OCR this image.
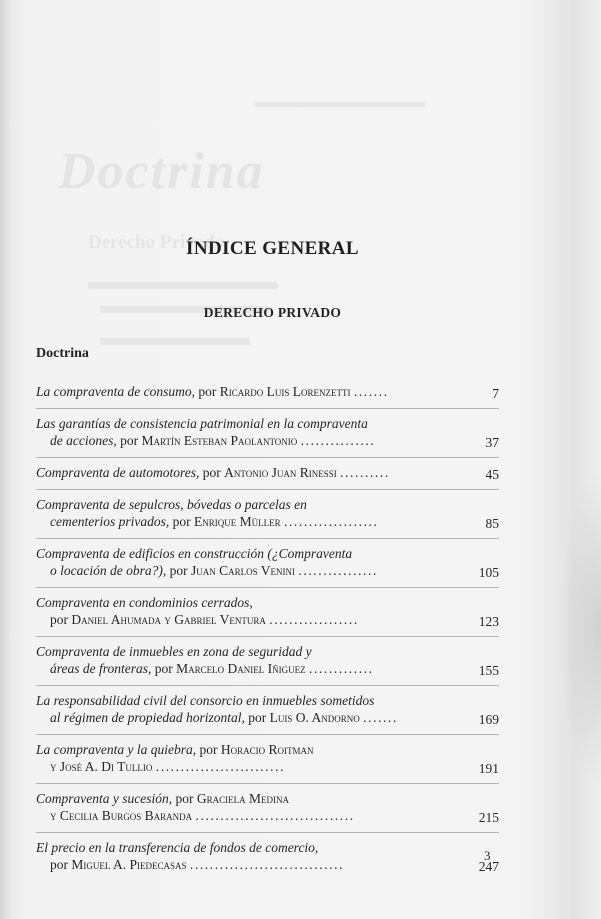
Doctrina
Derecho Privado
ÍNDICE GENERAL
DERECHO PRIVADO
Doctrina
La compraventa de consumo, por Ricardo Luis Lorenzetti .......	7
Las garantías de consistencia patrimonial en la compraventa
de acciones, por Martín Esteban Paolantonio ...............	37
Compraventa de automotores, por Antonio Juan Rinessi ..........	45
Compraventa de sepulcros, bóvedas o parcelas en
cementerios privados, por Enrique Müller ...................	85
Compraventa de edificios en construcción (¿Compraventa
o locación de obra?), por Juan Carlos Venini ................	105
Compraventa en condominios cerrados,
por Daniel Ahumada y Gabriel Ventura ..................	123
Compraventa de inmuebles en zona de seguridad y
áreas de fronteras, por Marcelo Daniel Iñiguez .............	155
La responsabilidad civil del consorcio en inmuebles sometidos
al régimen de propiedad horizontal, por Luis O. Andorno .......	169
La compraventa y la quiebra, por Horacio Roitman
y José A. Di Tullio ..........................	191
Compraventa y sucesión, por Graciela Medina
y Cecilia Burgos Baranda ................................	215
El precio en la transferencia de fondos de comercio,
por Miguel A. Piedecasas ...............................	247
3
